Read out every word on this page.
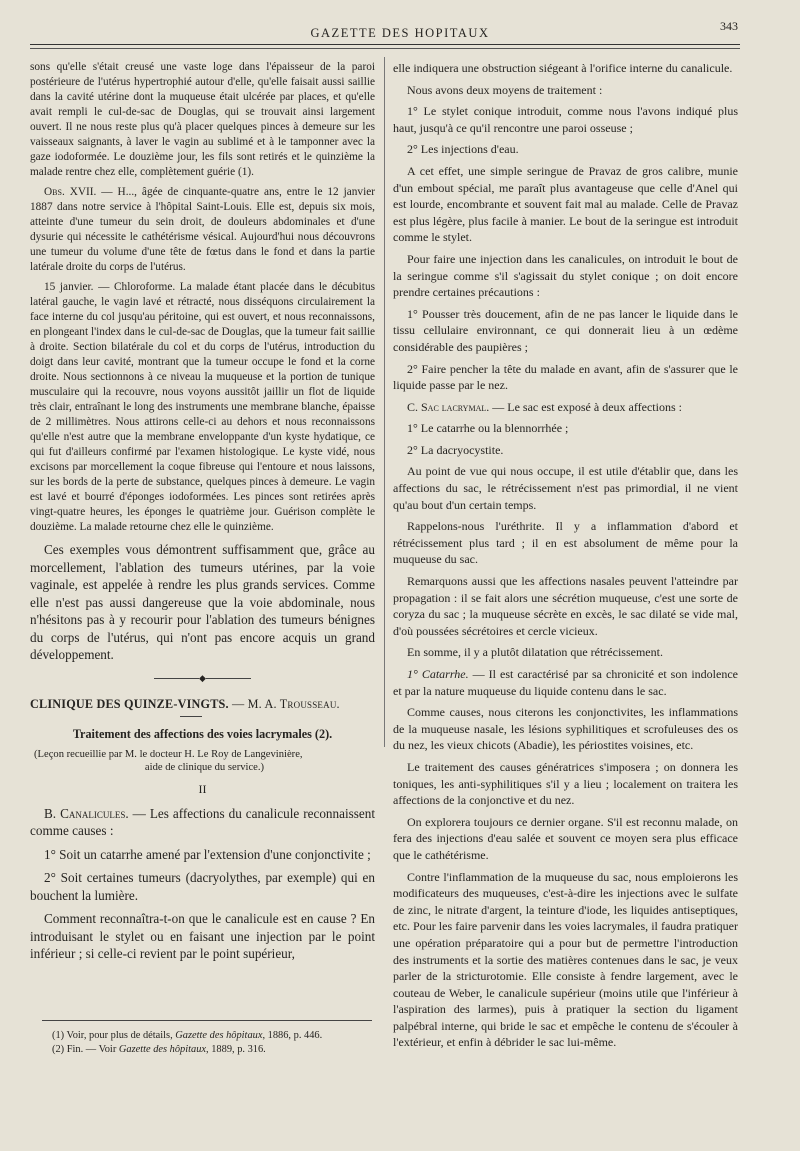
GAZETTE DES HOPITAUX	343

sons qu'elle s'était creusé une vaste loge dans l'épaisseur de la paroi postérieure de l'utérus hypertrophié autour d'elle, qu'elle faisait aussi saillie dans la cavité utérine dont la muqueuse était ulcérée par places, et qu'elle avait rempli le cul-de-sac de Douglas, qui se trouvait ainsi largement ouvert. Il ne nous reste plus qu'à placer quelques pinces à demeure sur les vaisseaux saignants, à laver le vagin au sublimé et à le tamponner avec la gaze iodoformée. Le douzième jour, les fils sont retirés et le quinzième la malade rentre chez elle, complètement guérie (1).

Obs. XVII. — H..., âgée de cinquante-quatre ans, entre le 12 janvier 1887 dans notre service à l'hôpital Saint-Louis. Elle est, depuis six mois, atteinte d'une tumeur du sein droit, de douleurs abdominales et d'une dysurie qui nécessite le cathétérisme vésical. Aujourd'hui nous découvrons une tumeur du volume d'une tête de fœtus dans le fond et dans la partie latérale droite du corps de l'utérus.

15 janvier. — Chloroforme. La malade étant placée dans le décubitus latéral gauche, le vagin lavé et rétracté, nous disséquons circulairement la face interne du col jusqu'au péritoine, qui est ouvert, et nous reconnaissons, en plongeant l'index dans le cul-de-sac de Douglas, que la tumeur fait saillie à droite. Section bilatérale du col et du corps de l'utérus, introduction du doigt dans leur cavité, montrant que la tumeur occupe le fond et la corne droite. Nous sectionnons à ce niveau la muqueuse et la portion de tunique musculaire qui la recouvre, nous voyons aussitôt jaillir un flot de liquide très clair, entraînant le long des instruments une membrane blanche, épaisse de 2 millimètres. Nous attirons celle-ci au dehors et nous reconnaissons qu'elle n'est autre que la membrane enveloppante d'un kyste hydatique, ce qui fut d'ailleurs confirmé par l'examen histologique. Le kyste vidé, nous excisons par morcellement la coque fibreuse qui l'entoure et nous laissons, sur les bords de la perte de substance, quelques pinces à demeure. Le vagin est lavé et bourré d'éponges iodoformées. Les pinces sont retirées après vingt-quatre heures, les éponges le quatrième jour. Guérison complète le douzième. La malade retourne chez elle le quinzième.

Ces exemples vous démontrent suffisamment que, grâce au morcellement, l'ablation des tumeurs utérines, par la voie vaginale, est appelée à rendre les plus grands services. Comme elle n'est pas aussi dangereuse que la voie abdominale, nous n'hésitons pas à y recourir pour l'ablation des tumeurs bénignes du corps de l'utérus, qui n'ont pas encore acquis un grand développement.

◆

CLINIQUE DES QUINZE-VINGTS. — M. A. Trousseau.

Traitement des affections des voies lacrymales (2).

(Leçon recueillie par M. le docteur H. Le Roy de Langevinière,
aide de clinique du service.)

II

B. Canalicules. — Les affections du canalicule reconnaissent comme causes :

1° Soit un catarrhe amené par l'extension d'une conjonctivite ;

2° Soit certaines tumeurs (dacryolythes, par exemple) qui en bouchent la lumière.

Comment reconnaîtra-t-on que le canalicule est en cause ? En introduisant le stylet ou en faisant une injection par le point inférieur ; si celle-ci revient par le point supérieur,

(1) Voir, pour plus de détails, Gazette des hôpitaux, 1886, p. 446.
(2) Fin. — Voir Gazette des hôpitaux, 1889, p. 316.

elle indiquera une obstruction siégeant à l'orifice interne du canalicule.

Nous avons deux moyens de traitement :

1° Le stylet conique introduit, comme nous l'avons indiqué plus haut, jusqu'à ce qu'il rencontre une paroi osseuse ;

2° Les injections d'eau.

A cet effet, une simple seringue de Pravaz de gros calibre, munie d'un embout spécial, me paraît plus avantageuse que celle d'Anel qui est lourde, encombrante et souvent fait mal au malade. Celle de Pravaz est plus légère, plus facile à manier. Le bout de la seringue est introduit comme le stylet.

Pour faire une injection dans les canalicules, on introduit le bout de la seringue comme s'il s'agissait du stylet conique ; on doit encore prendre certaines précautions :

1° Pousser très doucement, afin de ne pas lancer le liquide dans le tissu cellulaire environnant, ce qui donnerait lieu à un œdème considérable des paupières ;

2° Faire pencher la tête du malade en avant, afin de s'assurer que le liquide passe par le nez.

C. Sac lacrymal. — Le sac est exposé à deux affections :

1° Le catarrhe ou la blennorrhée ;

2° La dacryocystite.

Au point de vue qui nous occupe, il est utile d'établir que, dans les affections du sac, le rétrécissement n'est pas primordial, il ne vient qu'au bout d'un certain temps.

Rappelons-nous l'uréthrite. Il y a inflammation d'abord et rétrécissement plus tard ; il en est absolument de même pour la muqueuse du sac.

Remarquons aussi que les affections nasales peuvent l'atteindre par propagation : il se fait alors une sécrétion muqueuse, c'est une sorte de coryza du sac ; la muqueuse sécrète en excès, le sac dilaté se vide mal, d'où poussées sécrétoires et cercle vicieux.

En somme, il y a plutôt dilatation que rétrécissement.

1° Catarrhe. — Il est caractérisé par sa chronicité et son indolence et par la nature muqueuse du liquide contenu dans le sac.

Comme causes, nous citerons les conjonctivites, les inflammations de la muqueuse nasale, les lésions syphilitiques et scrofuleuses des os du nez, les vieux chicots (Abadie), les périostites voisines, etc.

Le traitement des causes génératrices s'imposera ; on donnera les toniques, les anti-syphilitiques s'il y a lieu ; localement on traitera les affections de la conjonctive et du nez.

On explorera toujours ce dernier organe. S'il est reconnu malade, on fera des injections d'eau salée et souvent ce moyen sera plus efficace que le cathétérisme.

Contre l'inflammation de la muqueuse du sac, nous emploierons les modificateurs des muqueuses, c'est-à-dire les injections avec le sulfate de zinc, le nitrate d'argent, la teinture d'iode, les liquides antiseptiques, etc. Pour les faire parvenir dans les voies lacrymales, il faudra pratiquer une opération préparatoire qui a pour but de permettre l'introduction des instruments et la sortie des matières contenues dans le sac, je veux parler de la stricturotomie. Elle consiste à fendre largement, avec le couteau de Weber, le canalicule supérieur (moins utile que l'inférieur à l'aspiration des larmes), puis à pratiquer la section du ligament palpébral interne, qui bride le sac et empêche le contenu de s'écouler à l'extérieur, et enfin à débrider le sac lui-même.
